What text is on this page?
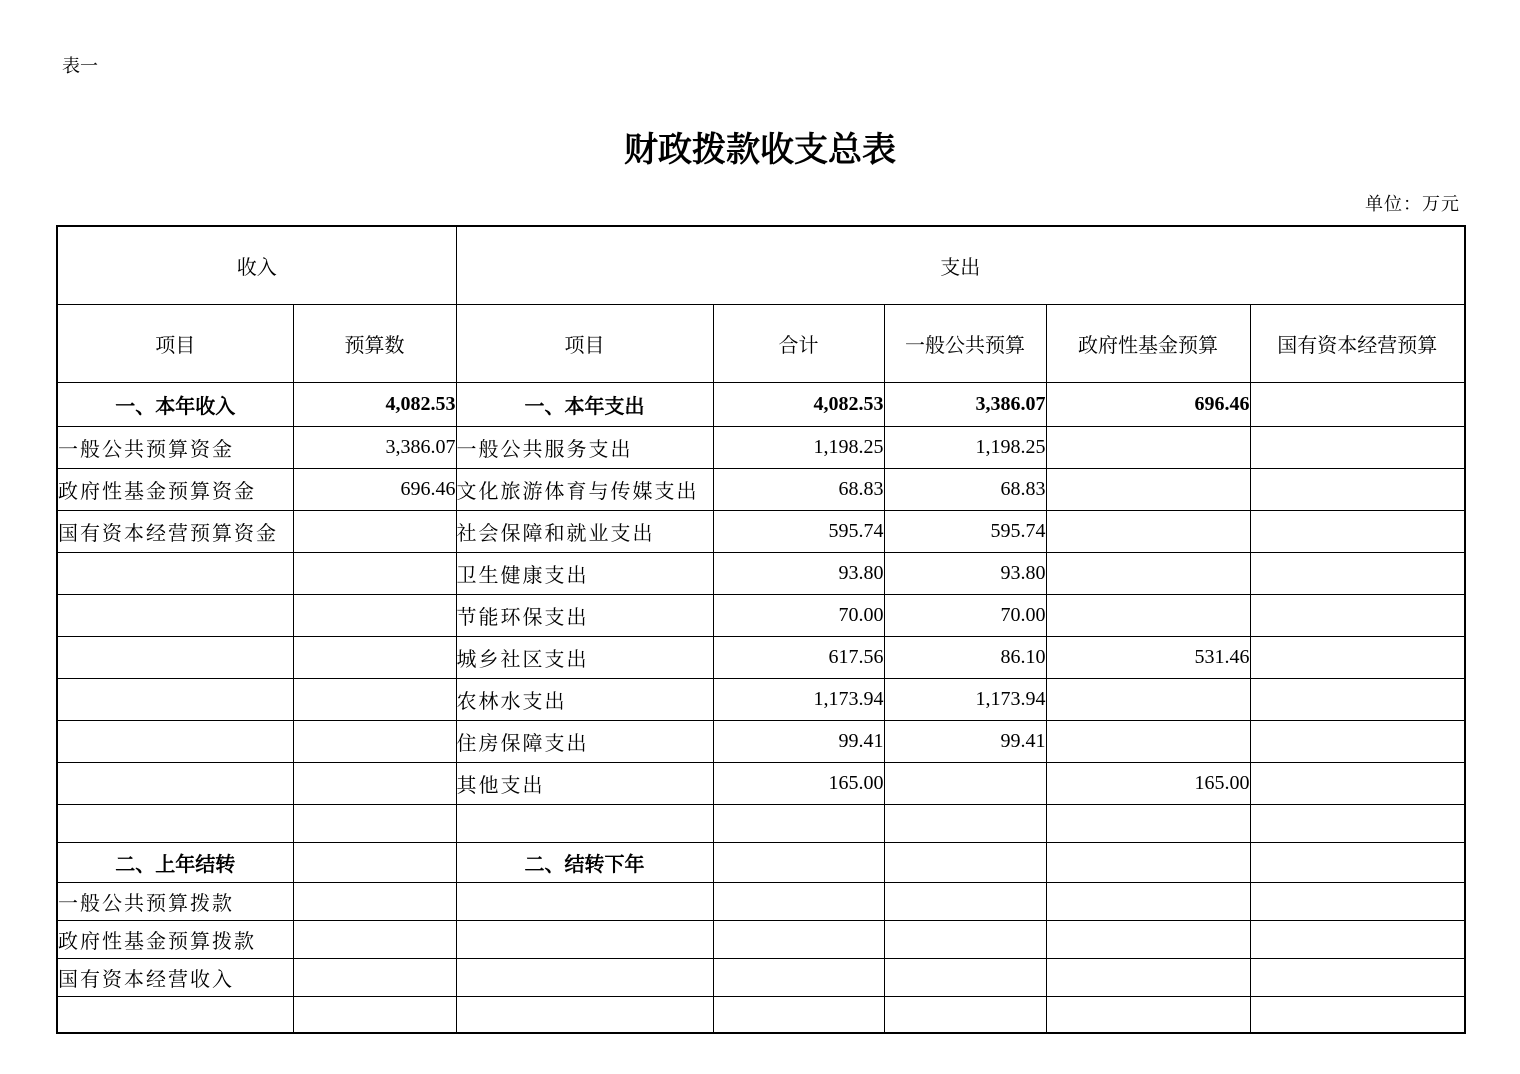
表一
财政拨款收支总表
单位：万元
收入		支出				
项目	预算数	项目	合计	一般公共预算	政府性基金预算	国有资本经营预算
一、本年收入	4,082.53	一、本年支出	4,082.53	3,386.07	696.46	
一般公共预算资金	3,386.07	一般公共服务支出	1,198.25	1,198.25		
政府性基金预算资金	696.46	文化旅游体育与传媒支出	68.83	68.83		
国有资本经营预算资金		社会保障和就业支出	595.74	595.74		
		卫生健康支出	93.80	93.80		
		节能环保支出	70.00	70.00		
		城乡社区支出	617.56	86.10	531.46	
		农林水支出	1,173.94	1,173.94		
		住房保障支出	99.41	99.41		
		其他支出	165.00		165.00	

二、上年结转		二、结转下年				
一般公共预算拨款						
政府性基金预算拨款						
国有资本经营收入						
